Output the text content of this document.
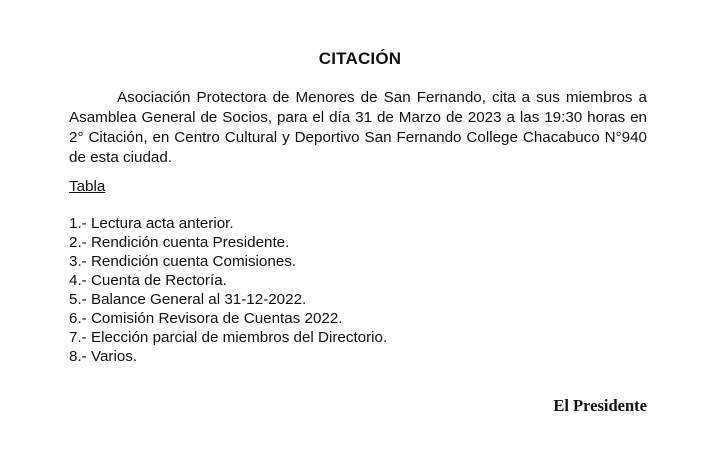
CITACIÓN

Asociación Protectora de Menores de San Fernando, cita a sus miembros a Asamblea General de Socios, para el día 31 de Marzo de 2023 a las 19:30 horas en 2° Citación, en Centro Cultural y Deportivo San Fernando College Chacabuco N°940 de esta ciudad.

Tabla

1.- Lectura acta anterior.
2.- Rendición cuenta Presidente.
3.- Rendición cuenta Comisiones.
4.- Cuenta de Rectoría.
5.- Balance General al 31-12-2022.
6.- Comisión Revisora de Cuentas 2022.
7.- Elección parcial de miembros del Directorio.
8.- Varios.
El Presidente
